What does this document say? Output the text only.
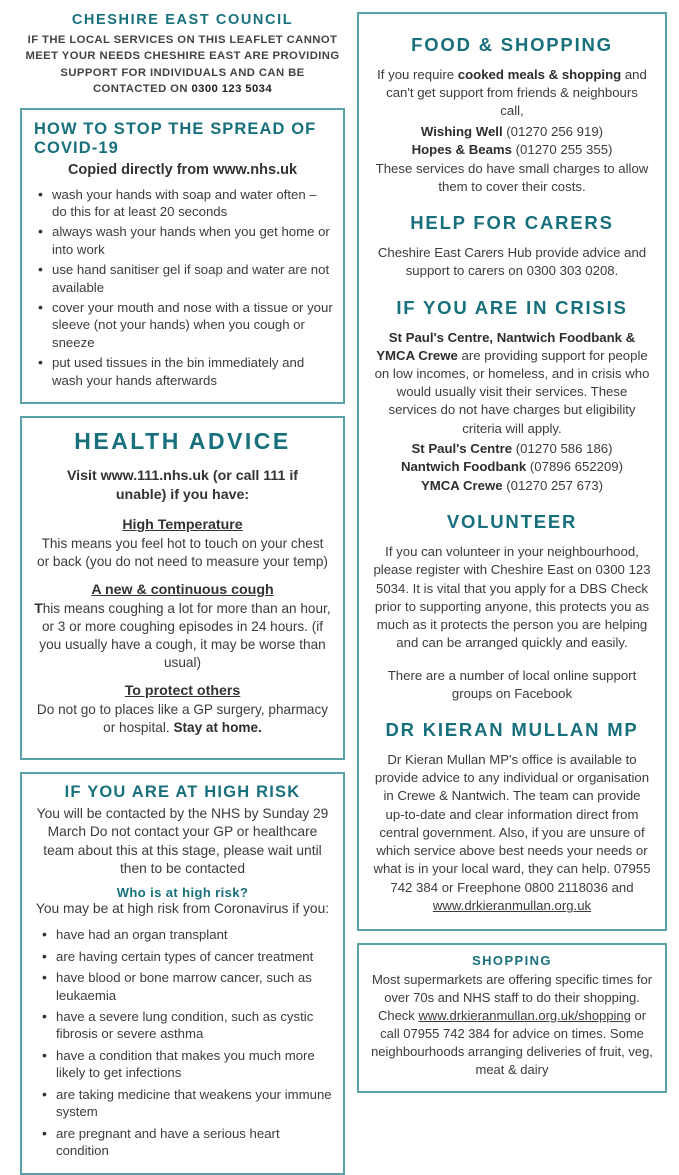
CHESHIRE EAST COUNCIL

IF THE LOCAL SERVICES ON THIS LEAFLET CANNOT MEET YOUR NEEDS CHESHIRE EAST ARE PROVIDING SUPPORT FOR INDIVIDUALS AND CAN BE CONTACTED ON 0300 123 5034

HOW TO STOP THE SPREAD OF COVID-19

Copied directly from www.nhs.uk

• wash your hands with soap and water often – do this for at least 20 seconds
• always wash your hands when you get home or into work
• use hand sanitiser gel if soap and water are not available
• cover your mouth and nose with a tissue or your sleeve (not your hands) when you cough or sneeze
• put used tissues in the bin immediately and wash your hands afterwards
HEALTH ADVICE

Visit www.111.nhs.uk (or call 111 if unable) if you have:

High Temperature

This means you feel hot to touch on your chest or back (you do not need to measure your temp)

A new & continuous cough

This means coughing a lot for more than an hour, or 3 or more coughing episodes in 24 hours. (if you usually have a cough, it may be worse than usual)

To protect others

Do not go to places like a GP surgery, pharmacy or hospital. Stay at home.

IF YOU ARE AT HIGH RISK

You will be contacted by the NHS by Sunday 29 March Do not contact your GP or healthcare team about this at this stage, please wait until then to be contacted

Who is at high risk?

You may be at high risk from Coronavirus if you:

• have had an organ transplant
• are having certain types of cancer treatment
• have blood or bone marrow cancer, such as leukaemia
• have a severe lung condition, such as cystic fibrosis or severe asthma
• have a condition that makes you much more likely to get infections
• are taking medicine that weakens your immune system
• are pregnant and have a serious heart condition
FOOD & SHOPPING

If you require cooked meals & shopping and can't get support from friends & neighbours call,

Wishing Well (01270 256 919)

Hopes & Beams (01270 255 355)

These services do have small charges to allow them to cover their costs.

HELP FOR CARERS

Cheshire East Carers Hub provide advice and support to carers on 0300 303 0208.

IF YOU ARE IN CRISIS

St Paul's Centre, Nantwich Foodbank & YMCA Crewe are providing support for people on low incomes, or homeless, and in crisis who would usually visit their services. These services do not have charges but eligibility criteria will apply.

St Paul's Centre (01270 586 186)

Nantwich Foodbank (07896 652209)

YMCA Crewe (01270 257 673)

VOLUNTEER

If you can volunteer in your neighbourhood, please register with Cheshire East on 0300 123 5034. It is vital that you apply for a DBS Check prior to supporting anyone, this protects you as much as it protects the person you are helping and can be arranged quickly and easily.

There are a number of local online support groups on Facebook

DR KIERAN MULLAN MP

Dr Kieran Mullan MP's office is available to provide advice to any individual or organisation in Crewe & Nantwich. The team can provide up-to-date and clear information direct from central government. Also, if you are unsure of which service above best needs your needs or what is in your local ward, they can help. 07955 742 384 or Freephone 0800 2118036 and www.drkieranmullan.org.uk

SHOPPING

Most supermarkets are offering specific times for over 70s and NHS staff to do their shopping. Check www.drkieranmullan.org.uk/shopping or call 07955 742 384 for advice on times. Some neighbourhoods arranging deliveries of fruit, veg, meat & dairy
